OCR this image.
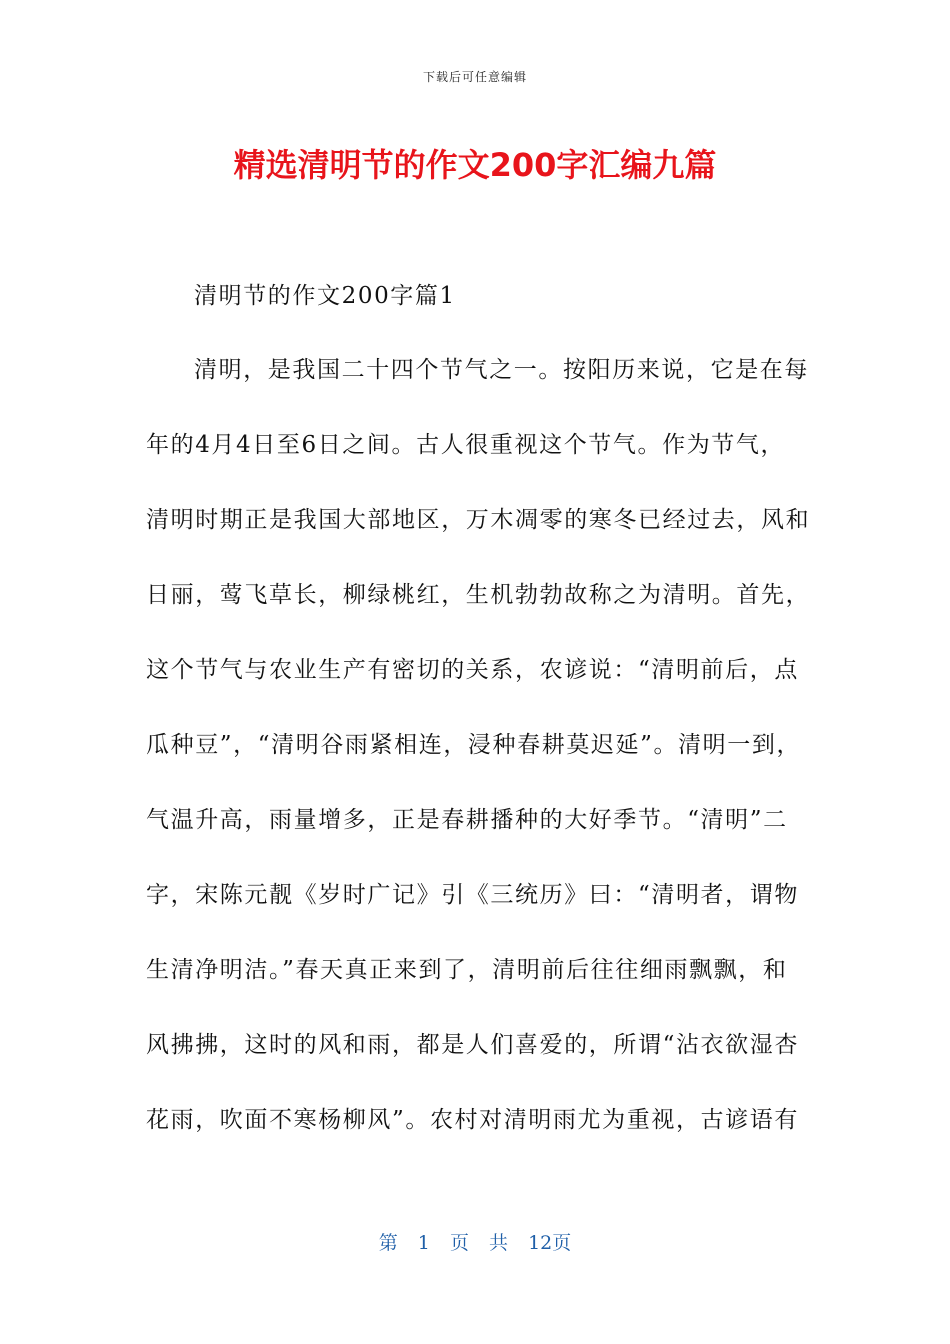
下载后可任意编辑
精选清明节的作文200字汇编九篇
清明节的作文200字篇1
清明，是我国二十四个节气之一。按阳历来说，它是在每
年的4月4日至6日之间。古人很重视这个节气。作为节气，
清明时期正是我国大部地区，万木凋零的寒冬已经过去，风和
日丽，莺飞草长，柳绿桃红，生机勃勃故称之为清明。首先，
这个节气与农业生产有密切的关系，农谚说：“清明前后，点
瓜种豆”，“清明谷雨紧相连，浸种春耕莫迟延”。清明一到，
气温升高，雨量增多，正是春耕播种的大好季节。“清明”二
字，宋陈元靓《岁时广记》引《三统历》曰：“清明者，谓物
生清净明洁。”春天真正来到了，清明前后往往细雨飘飘，和
风拂拂，这时的风和雨，都是人们喜爱的，所谓“沾衣欲湿杏
花雨，吹面不寒杨柳风”。农村对清明雨尤为重视，古谚语有
第 1 页 共 12页
